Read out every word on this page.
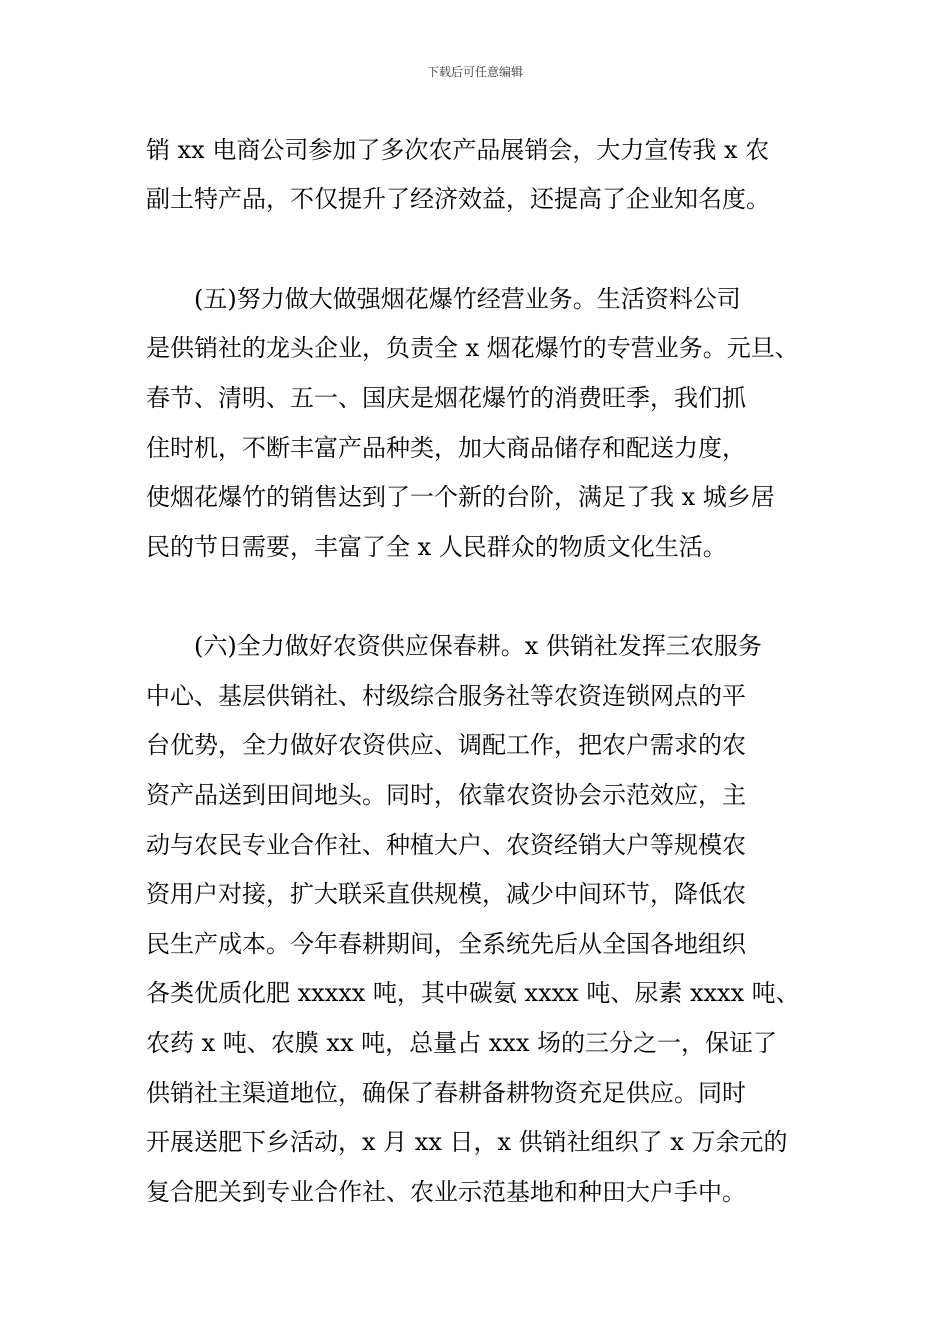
下载后可任意编辑
销 xx 电商公司参加了多次农产品展销会，大力宣传我 x 农
副土特产品，不仅提升了经济效益，还提高了企业知名度。
(五)努力做大做强烟花爆竹经营业务。生活资料公司
是供销社的龙头企业，负责全 x 烟花爆竹的专营业务。元旦、
春节、清明、五一、国庆是烟花爆竹的消费旺季，我们抓
住时机，不断丰富产品种类，加大商品储存和配送力度，
使烟花爆竹的销售达到了一个新的台阶，满足了我 x 城乡居
民的节日需要，丰富了全 x 人民群众的物质文化生活。
(六)全力做好农资供应保春耕。x 供销社发挥三农服务
中心、基层供销社、村级综合服务社等农资连锁网点的平
台优势，全力做好农资供应、调配工作，把农户需求的农
资产品送到田间地头。同时，依靠农资协会示范效应，主
动与农民专业合作社、种植大户、农资经销大户等规模农
资用户对接，扩大联采直供规模，减少中间环节，降低农
民生产成本。今年春耕期间，全系统先后从全国各地组织
各类优质化肥 xxxxx 吨，其中碳氨 xxxx 吨、尿素 xxxx 吨、
农药 x 吨、农膜 xx 吨，总量占 xxx 场的三分之一，保证了
供销社主渠道地位，确保了春耕备耕物资充足供应。同时
开展送肥下乡活动，x 月 xx 日，x 供销社组织了 x 万余元的
复合肥关到专业合作社、农业示范基地和种田大户手中。
